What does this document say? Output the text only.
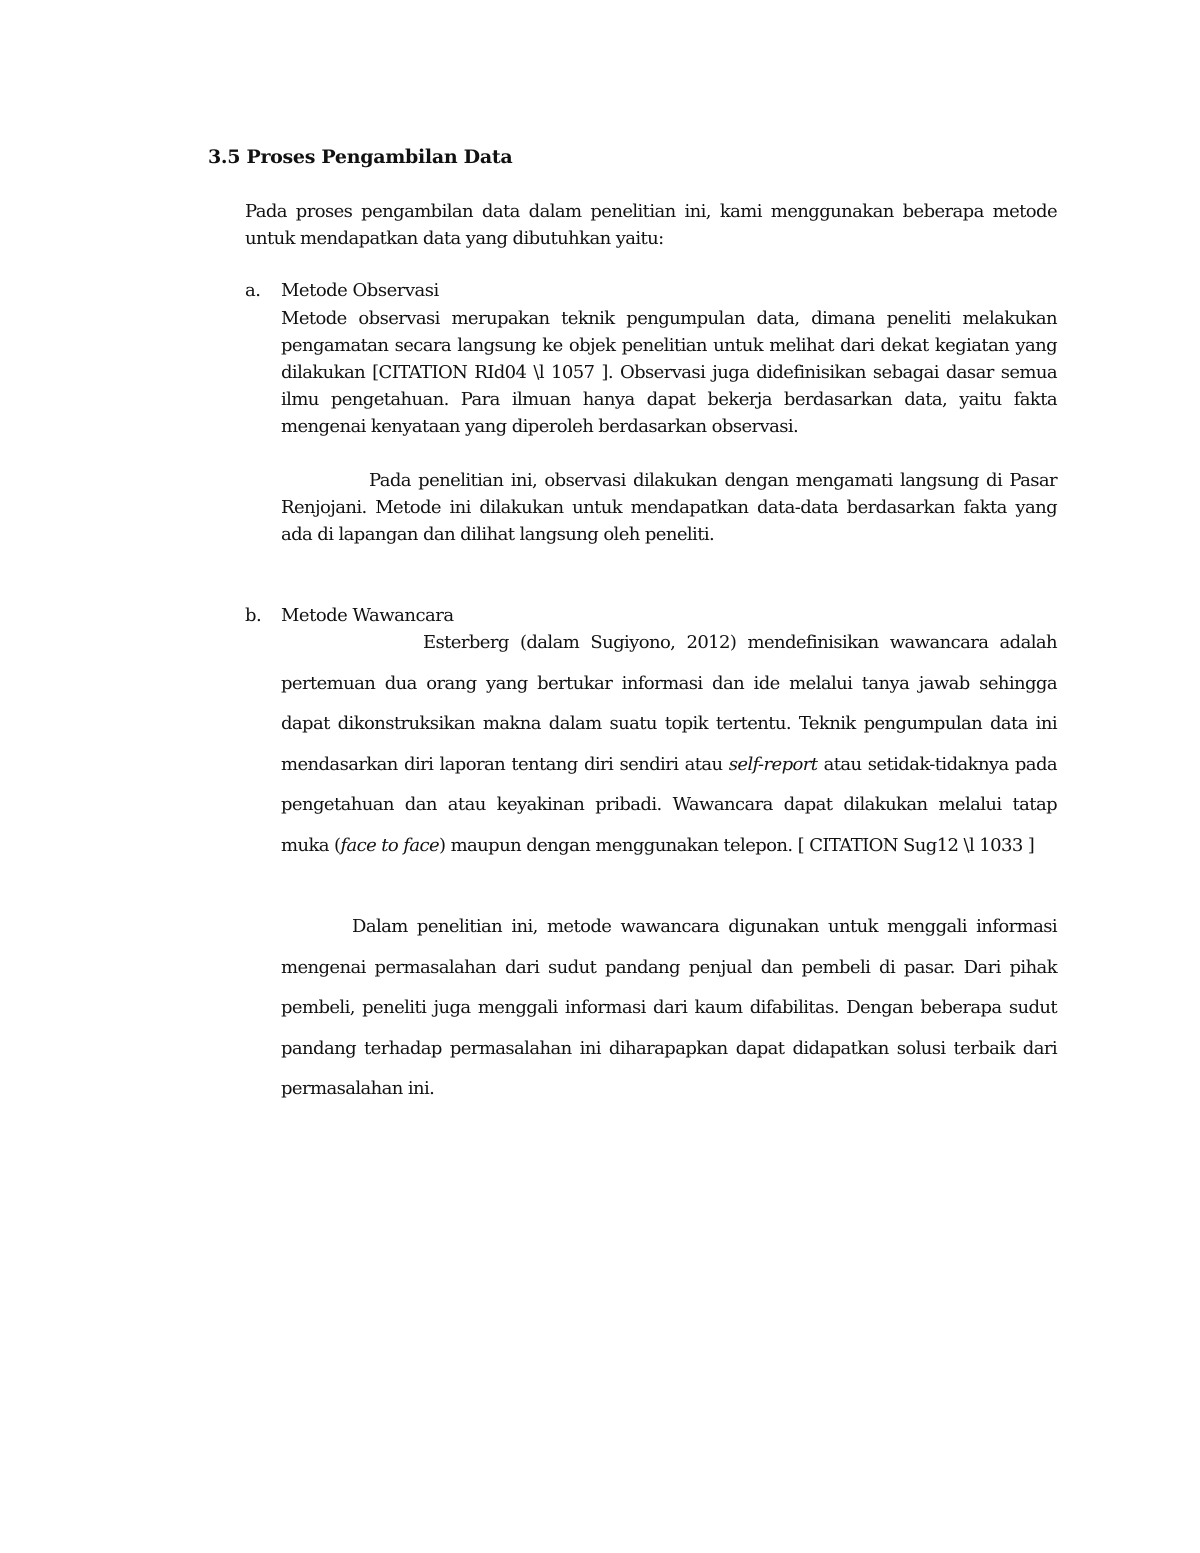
3.5 Proses Pengambilan Data

Pada proses pengambilan data dalam penelitian ini, kami menggunakan beberapa metode untuk mendapatkan data yang dibutuhkan yaitu:

a. Metode Observasi

Metode observasi merupakan teknik pengumpulan data, dimana peneliti melakukan pengamatan secara langsung ke objek penelitian untuk melihat dari dekat kegiatan yang dilakukan [CITATION RId04 \l 1057 ]. Observasi juga didefinisikan sebagai dasar semua ilmu pengetahuan. Para ilmuan hanya dapat bekerja berdasarkan data, yaitu fakta mengenai kenyataan yang diperoleh berdasarkan observasi.

Pada penelitian ini, observasi dilakukan dengan mengamati langsung di Pasar Renjojani. Metode ini dilakukan untuk mendapatkan data-data berdasarkan fakta yang ada di lapangan dan dilihat langsung oleh peneliti.

b. Metode Wawancara

Esterberg (dalam Sugiyono, 2012) mendefinisikan wawancara adalah pertemuan dua orang yang bertukar informasi dan ide melalui tanya jawab sehingga dapat dikonstruksikan makna dalam suatu topik tertentu. Teknik pengumpulan data ini mendasarkan diri laporan tentang diri sendiri atau self-report atau setidak-tidaknya pada pengetahuan dan atau keyakinan pribadi. Wawancara dapat dilakukan melalui tatap muka (face to face) maupun dengan menggunakan telepon. [ CITATION Sug12 \l 1033 ]

Dalam penelitian ini, metode wawancara digunakan untuk menggali informasi mengenai permasalahan dari sudut pandang penjual dan pembeli di pasar. Dari pihak pembeli, peneliti juga menggali informasi dari kaum difabilitas. Dengan beberapa sudut pandang terhadap permasalahan ini diharapapkan dapat didapatkan solusi terbaik dari permasalahan ini.
